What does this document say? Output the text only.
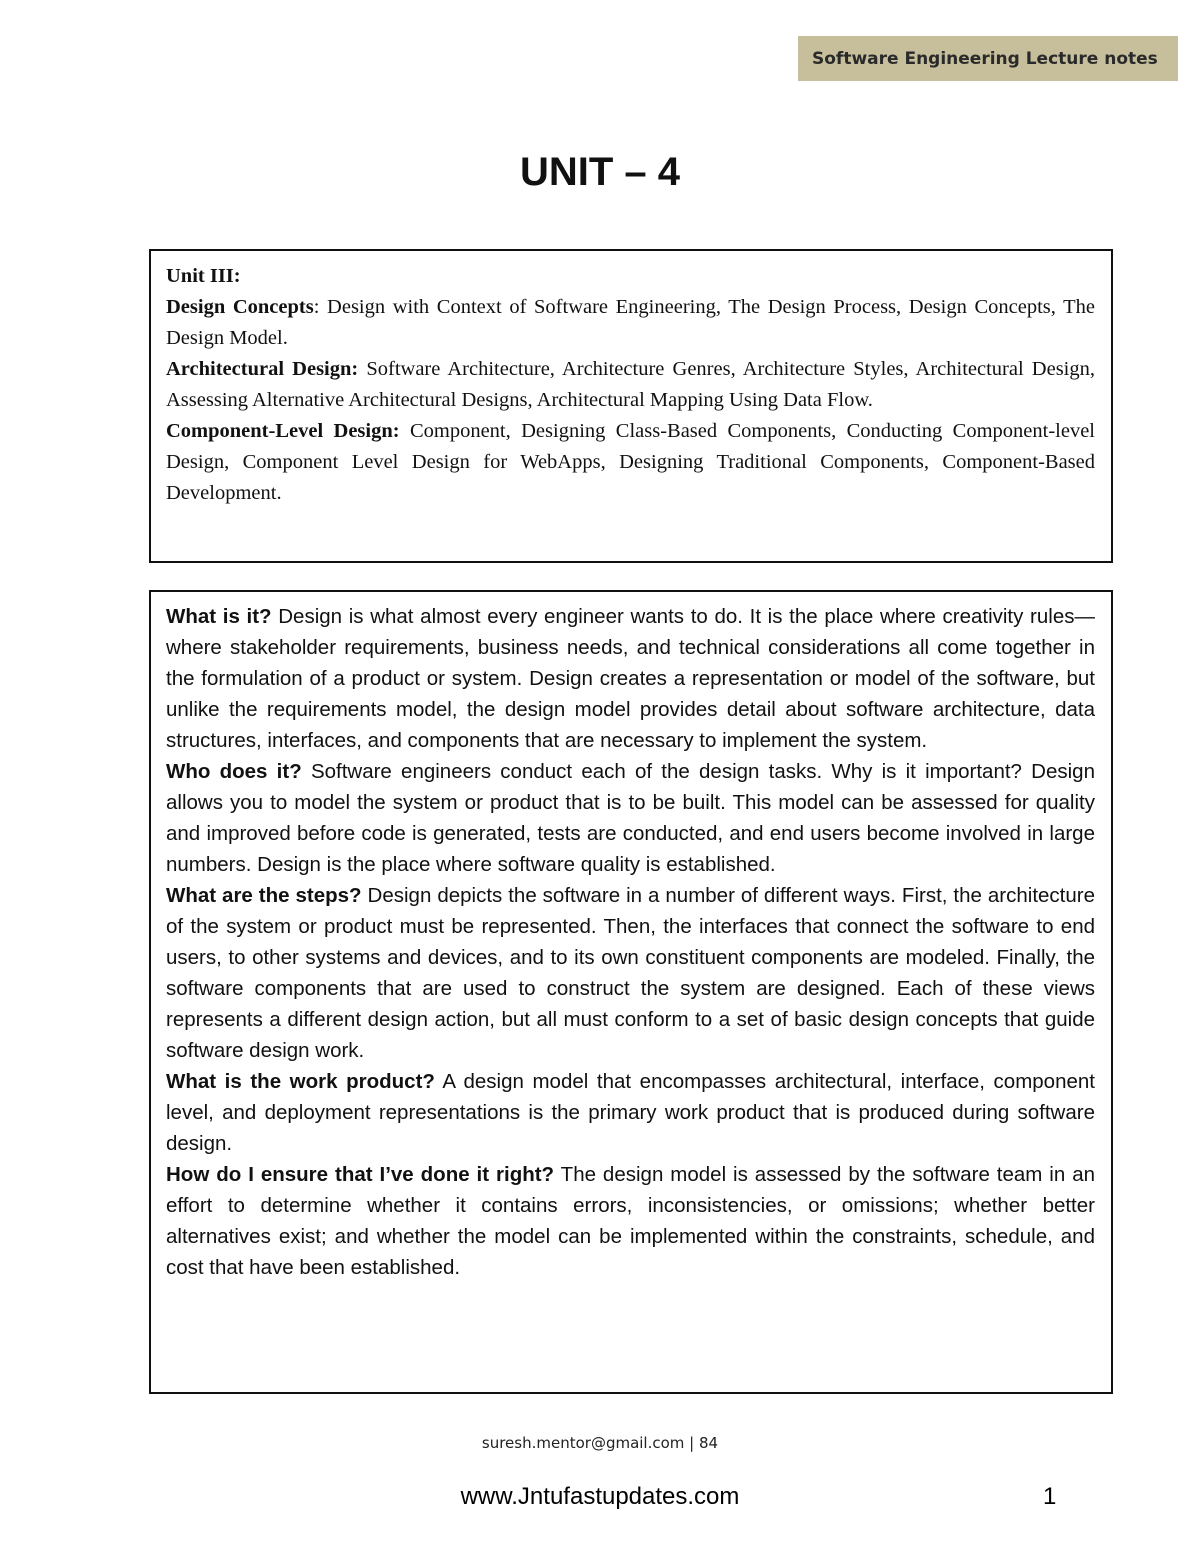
Software Engineering Lecture notes
UNIT – 4

Unit III:

Design Concepts: Design with Context of Software Engineering, The Design Process, Design Concepts, The Design Model.

Architectural Design: Software Architecture, Architecture Genres, Architecture Styles, Architectural Design, Assessing Alternative Architectural Designs, Architectural Mapping Using Data Flow.

Component-Level Design: Component, Designing Class-Based Components, Conducting Component-level Design, Component Level Design for WebApps, Designing Traditional Components, Component-Based Development.

What is it? Design is what almost every engineer wants to do. It is the place where creativity rules—where stakeholder requirements, business needs, and technical considerations all come together in the formulation of a product or system. Design creates a representation or model of the software, but unlike the requirements model, the design model provides detail about software architecture, data structures, interfaces, and components that are necessary to implement the system.

Who does it? Software engineers conduct each of the design tasks. Why is it important? Design allows you to model the system or product that is to be built. This model can be assessed for quality and improved before code is generated, tests are conducted, and end users become involved in large numbers. Design is the place where software quality is established.

What are the steps? Design depicts the software in a number of different ways. First, the architecture of the system or product must be represented. Then, the interfaces that connect the software to end users, to other systems and devices, and to its own constituent components are modeled. Finally, the software components that are used to construct the system are designed. Each of these views represents a different design action, but all must conform to a set of basic design concepts that guide software design work.

What is the work product? A design model that encompasses architectural, interface, component level, and deployment representations is the primary work product that is produced during software design.

How do I ensure that I’ve done it right? The design model is assessed by the software team in an effort to determine whether it contains errors, inconsistencies, or omissions; whether better alternatives exist; and whether the model can be implemented within the constraints, schedule, and cost that have been established.

suresh.mentor@gmail.com | 84
www.Jntufastupdates.com	1
